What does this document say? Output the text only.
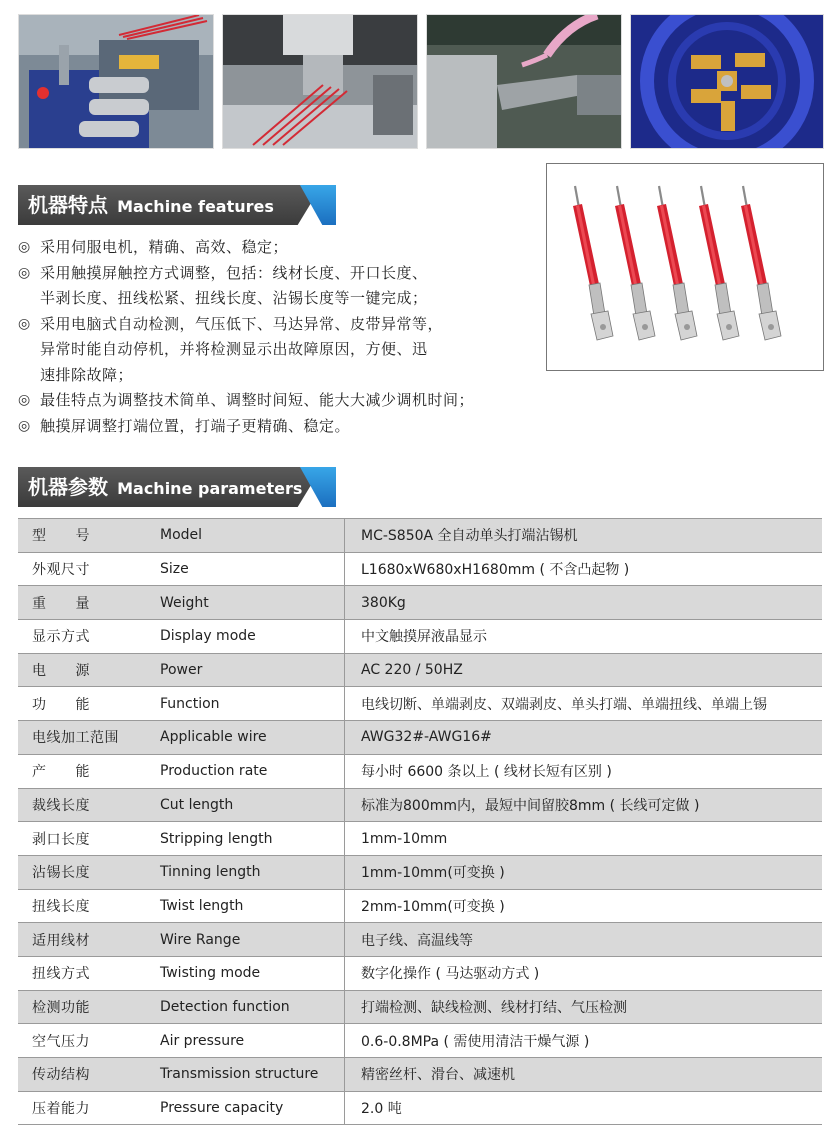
机器特点 Machine features
◎ 采用伺服电机，精确、高效、稳定；
◎ 采用触摸屏触控方式调整，包括：线材长度、开口长度、
半剥长度、扭线松紧、扭线长度、沾锡长度等一键完成；
◎ 采用电脑式自动检测，气压低下、马达异常、皮带异常等，
异常时能自动停机，并将检测显示出故障原因，方便、迅
速排除故障；
◎ 最佳特点为调整技术简单、调整时间短、能大大减少调机时间；
◎ 触摸屏调整打端位置，打端子更精确、稳定。
机器参数 Machine parameters
型　　号	Model	MC-S850A 全自动单头打端沾锡机
外观尺寸	Size	L1680xW680xH1680mm ( 不含凸起物 )
重　　量	Weight	380Kg
显示方式	Display mode	中文触摸屏液晶显示
电　　源	Power	AC 220 / 50HZ
功　　能	Function	电线切断、单端剥皮、双端剥皮、单头打端、单端扭线、单端上锡
电线加工范围	Applicable wire	AWG32#-AWG16#
产　　能	Production rate	每小时 6600 条以上 ( 线材长短有区别 )
裁线长度	Cut length	标准为800mm内，最短中间留胶8mm ( 长线可定做 )
剥口长度	Stripping length	1mm-10mm
沾锡长度	Tinning length	1mm-10mm(可变换 )
扭线长度	Twist length	2mm-10mm(可变换 )
适用线材	Wire Range	电子线、高温线等
扭线方式	Twisting mode	数字化操作 ( 马达驱动方式 )
检测功能	Detection function	打端检测、缺线检测、线材打结、气压检测
空气压力	Air pressure	0.6-0.8MPa ( 需使用清洁干燥气源 )
传动结构	Transmission structure	精密丝杆、滑台、减速机
压着能力	Pressure capacity	2.0 吨
